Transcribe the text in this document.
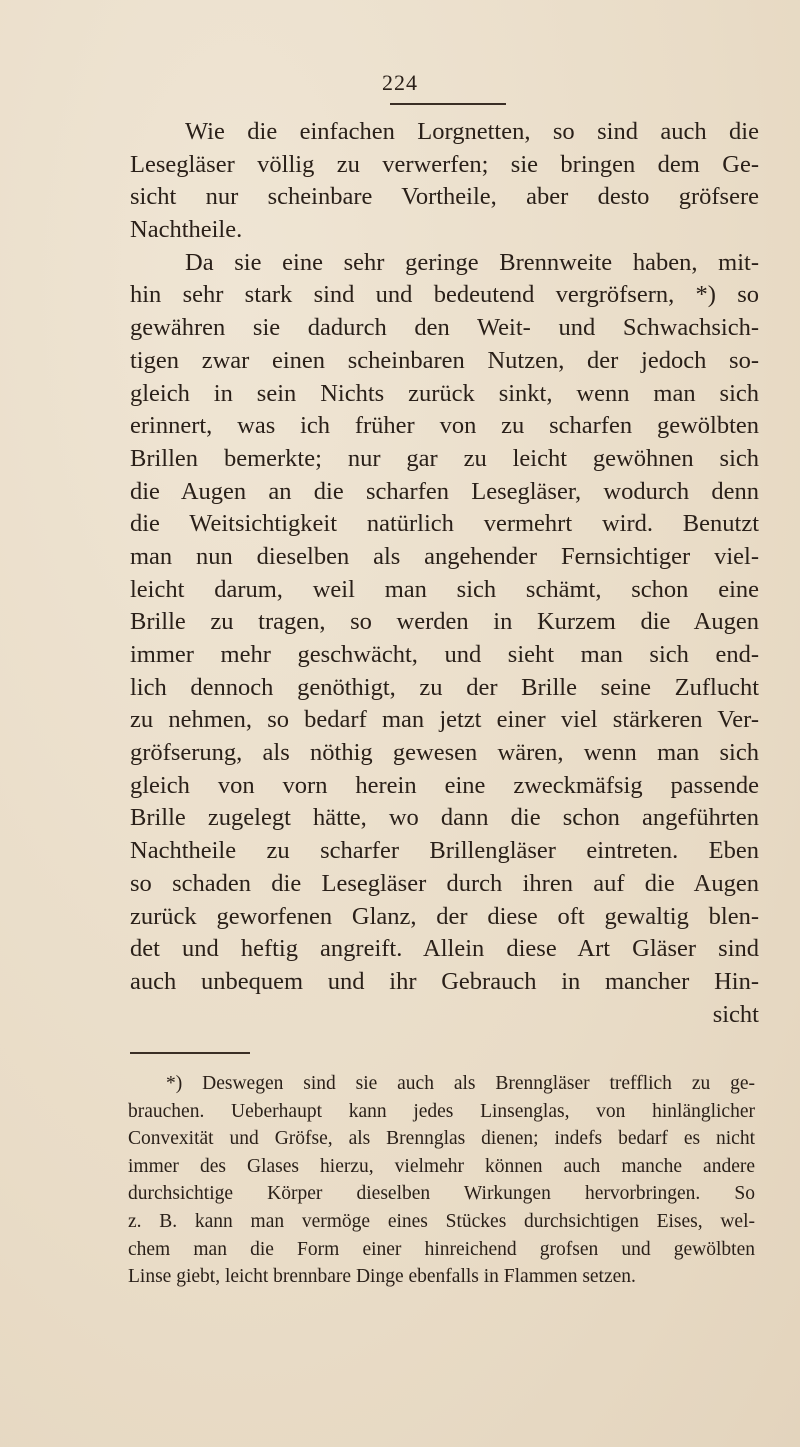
224
Wie die einfachen Lorgnetten, so sind auch die
Lesegläser völlig zu verwerfen; sie bringen dem Ge-
sicht nur scheinbare Vortheile, aber desto gröfsere
Nachtheile.
Da sie eine sehr geringe Brennweite haben, mit-
hin sehr stark sind und bedeutend vergröfsern, *) so
gewähren sie dadurch den Weit- und Schwachsich-
tigen zwar einen scheinbaren Nutzen, der jedoch so-
gleich in sein Nichts zurück sinkt, wenn man sich
erinnert, was ich früher von zu scharfen gewölbten
Brillen bemerkte; nur gar zu leicht gewöhnen sich
die Augen an die scharfen Lesegläser, wodurch denn
die Weitsichtigkeit natürlich vermehrt wird. Benutzt
man nun dieselben als angehender Fernsichtiger viel-
leicht darum, weil man sich schämt, schon eine
Brille zu tragen, so werden in Kurzem die Augen
immer mehr geschwächt, und sieht man sich end-
lich dennoch genöthigt, zu der Brille seine Zuflucht
zu nehmen, so bedarf man jetzt einer viel stärkeren Ver-
gröfserung, als nöthig gewesen wären, wenn man sich
gleich von vorn herein eine zweckmäfsig passende
Brille zugelegt hätte, wo dann die schon angeführten
Nachtheile zu scharfer Brillengläser eintreten. Eben
so schaden die Lesegläser durch ihren auf die Augen
zurück geworfenen Glanz, der diese oft gewaltig blen-
det und heftig angreift. Allein diese Art Gläser sind
auch unbequem und ihr Gebrauch in mancher Hin-
sicht
*) Deswegen sind sie auch als Brenngläser trefflich zu ge-
brauchen. Ueberhaupt kann jedes Linsenglas, von hinlänglicher
Convexität und Gröfse, als Brennglas dienen; indefs bedarf es nicht
immer des Glases hierzu, vielmehr können auch manche andere
durchsichtige Körper dieselben Wirkungen hervorbringen. So
z. B. kann man vermöge eines Stückes durchsichtigen Eises, wel-
chem man die Form einer hinreichend grofsen und gewölbten
Linse giebt, leicht brennbare Dinge ebenfalls in Flammen setzen.
